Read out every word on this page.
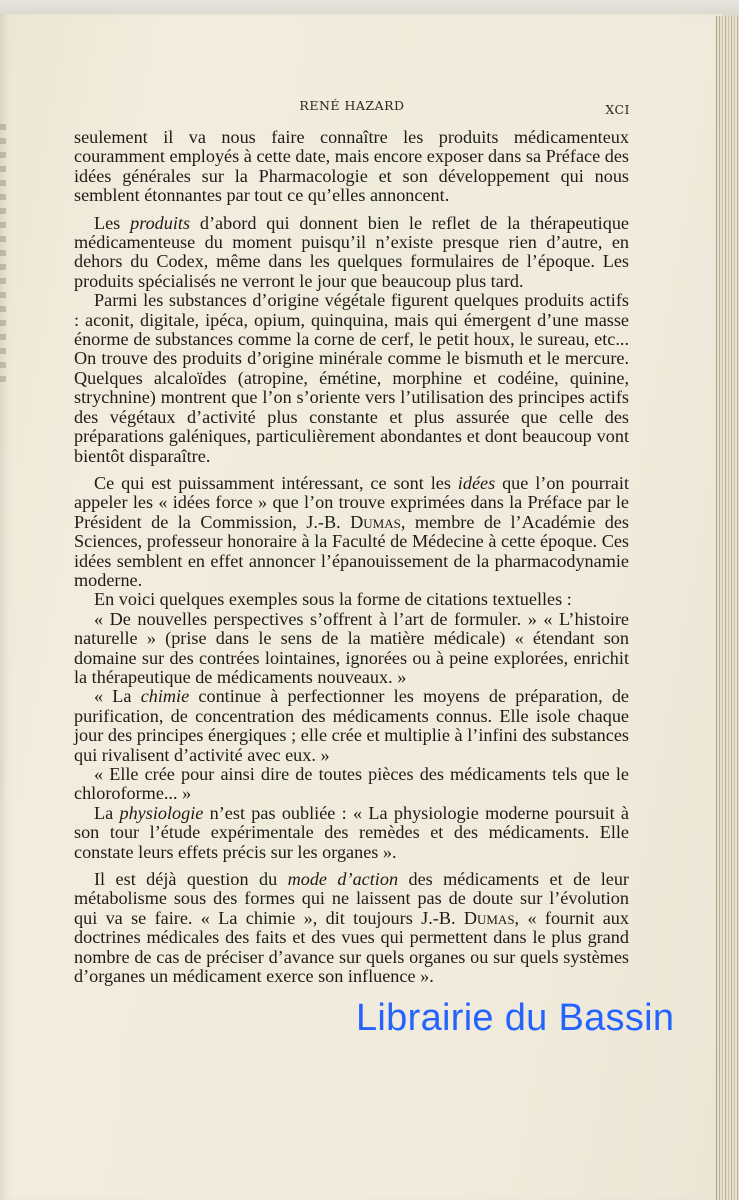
RENÉ HAZARD	XCI

seulement il va nous faire connaître les produits médicamenteux couramment employés à cette date, mais encore exposer dans sa Préface des idées générales sur la Pharmacologie et son développement qui nous semblent étonnantes par tout ce qu’elles annoncent.

Les produits d’abord qui donnent bien le reflet de la thérapeutique médicamenteuse du moment puisqu’il n’existe presque rien d’autre, en dehors du Codex, même dans les quelques formulaires de l’époque. Les produits spécialisés ne verront le jour que beaucoup plus tard.

Parmi les substances d’origine végétale figurent quelques produits actifs : aconit, digitale, ipéca, opium, quinquina, mais qui émergent d’une masse énorme de substances comme la corne de cerf, le petit houx, le sureau, etc... On trouve des produits d’origine minérale comme le bismuth et le mercure. Quelques alcaloïdes (atropine, émétine, morphine et codéine, quinine, strychnine) montrent que l’on s’oriente vers l’utilisation des principes actifs des végétaux d’activité plus constante et plus assurée que celle des préparations galéniques, particulièrement abondantes et dont beaucoup vont bientôt disparaître.

Ce qui est puissamment intéressant, ce sont les idées que l’on pourrait appeler les « idées force » que l’on trouve exprimées dans la Préface par le Président de la Commission, J.-B. Dumas, membre de l’Académie des Sciences, professeur honoraire à la Faculté de Médecine à cette époque. Ces idées semblent en effet annoncer l’épanouissement de la pharmacodynamie moderne.

En voici quelques exemples sous la forme de citations textuelles :

« De nouvelles perspectives s’offrent à l’art de formuler. » « L’histoire naturelle » (prise dans le sens de la matière médicale) « étendant son domaine sur des contrées lointaines, ignorées ou à peine explorées, enrichit la thérapeutique de médicaments nouveaux. »

« La chimie continue à perfectionner les moyens de préparation, de purification, de concentration des médicaments connus. Elle isole chaque jour des principes énergiques ; elle crée et multiplie à l’infini des substances qui rivalisent d’activité avec eux. »

« Elle crée pour ainsi dire de toutes pièces des médicaments tels que le chloroforme... »

La physiologie n’est pas oubliée : « La physiologie moderne poursuit à son tour l’étude expérimentale des remèdes et des médicaments. Elle constate leurs effets précis sur les organes ».

Il est déjà question du mode d’action des médicaments et de leur métabolisme sous des formes qui ne laissent pas de doute sur l’évolution qui va se faire. « La chimie », dit toujours J.-B. Dumas, « fournit aux doctrines médicales des faits et des vues qui permettent dans le plus grand nombre de cas de préciser d’avance sur quels organes ou sur quels systèmes d’organes un médicament exerce son influence ».

Librairie du Bassin
